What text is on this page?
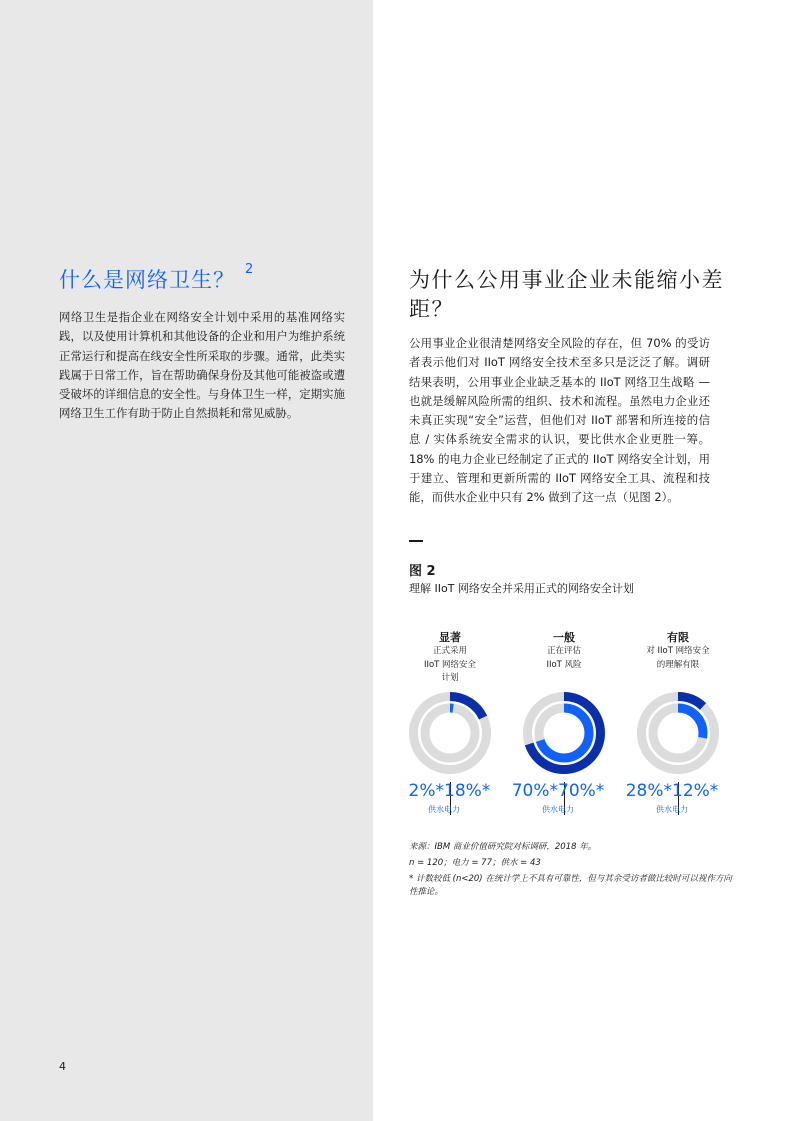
什么是网络卫生？ $^2$
网络卫生是指企业在网络安全计划中采用的基准网络实践，以及使用计算机和其他设备的企业和用户为维护系统正常运行和提高在线安全性所采取的步骤。通常，此类实践属于日常工作，旨在帮助确保身份及其他可能被盗或遭受破坏的详细信息的安全性。与身体卫生一样，定期实施网络卫生工作有助于防止自然损耗和常见威胁。
4
为什么公用事业企业未能缩小差距？
公用事业企业很清楚网络安全风险的存在，但 70% 的受访者表示他们对 IIoT 网络安全技术至多只是泛泛了解。调研结果表明，公用事业企业缺乏基本的 IIoT 网络卫生战略 — 也就是缓解风险所需的组织、技术和流程。虽然电力企业还未真正实现“安全”运营，但他们对 IIoT 部署和所连接的信息 / 实体系统安全需求的认识，要比供水企业更胜一筹。18% 的电力企业已经制定了正式的 IIoT 网络安全计划，用于建立、管理和更新所需的 IIoT 网络安全工具、流程和技能，而供水企业中只有 2% 做到了这一点（见图 2）。
图 2
理解 IIoT 网络安全并采用正式的网络安全计划
显著
正式采用
IIoT 网络安全
计划
2%* 18%*
供水 电力
一般
正在评估
IIoT 风险
70%* 70%*
供水 电力
有限
对 IIoT 网络安全
的理解有限
28%* 12%*
供水 电力
来源：IBM 商业价值研究院对标调研，2018 年。
n = 120；电力 = 77；供水 = 43
* 计数较低 (n<20) 在统计学上不具有可靠性，但与其余受访者做比较时可以视作方向性推论。
